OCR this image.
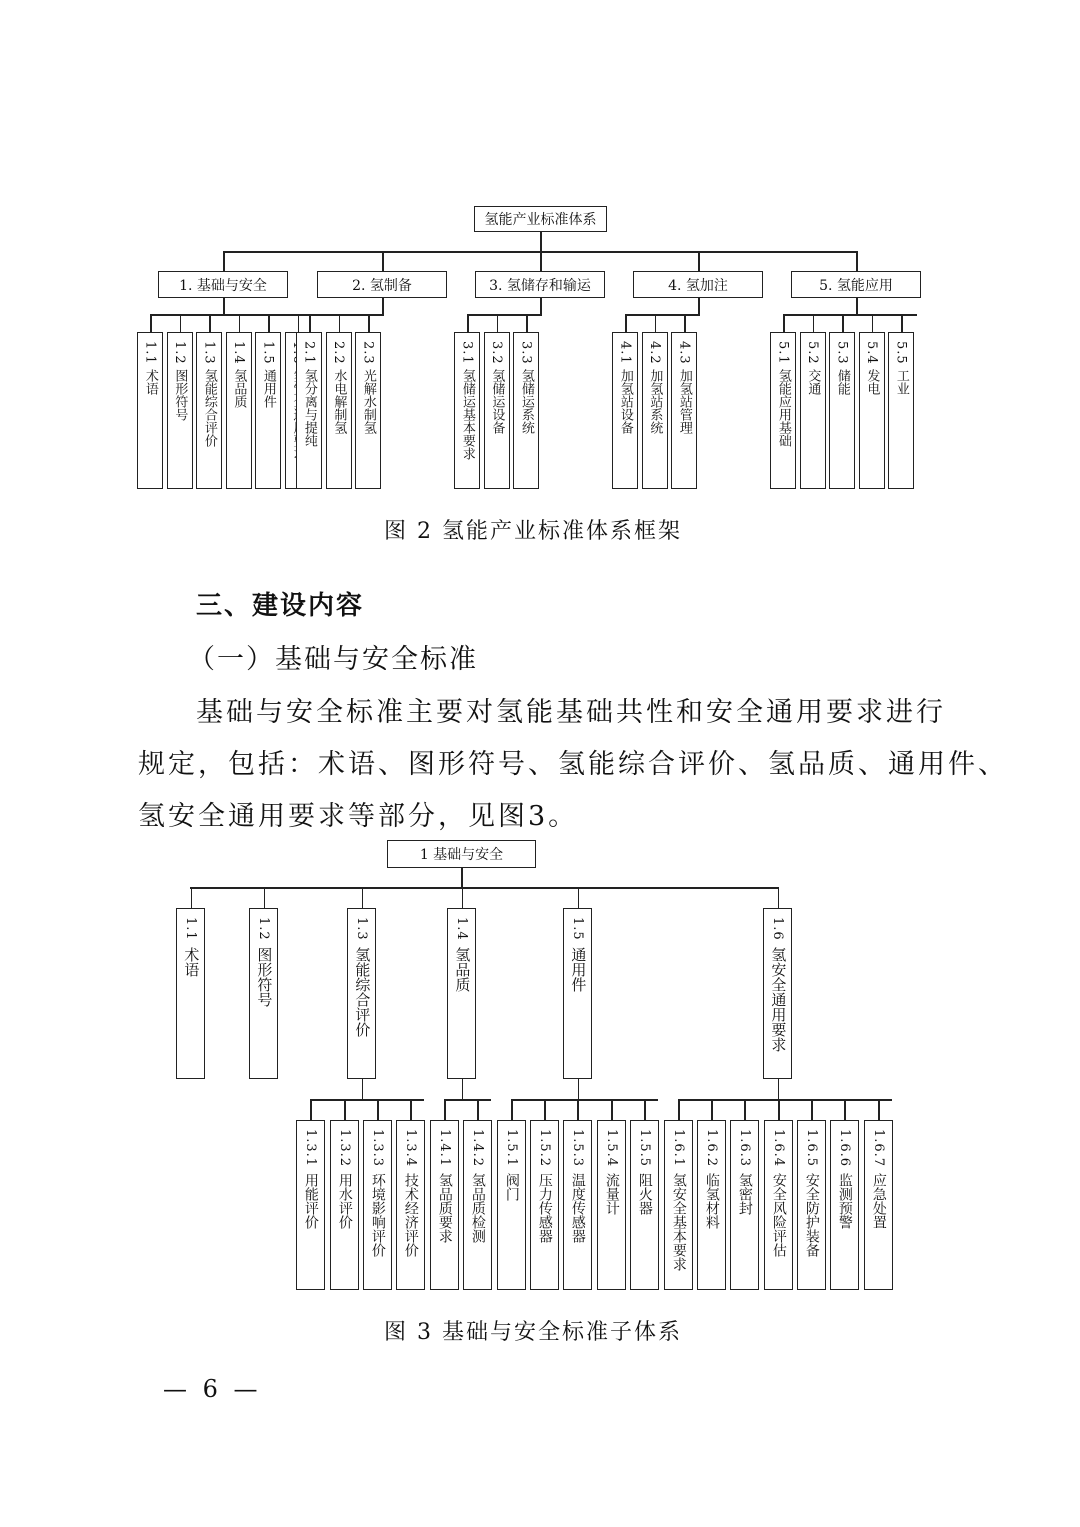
氢能产业标准体系
1. 基础与安全
1.1
术语
1.2
图形符号
1.3
氢能综合评价
1.4
氢品质
1.5
通用件
2. 氢制备
2.1
氢分离与提纯
2.2
水电解制氢
2.3
光解水制氢
3. 氢储存和输运
3.1
氢储运基本要求
3.2
氢储运设备
3.3
氢储运系统
4. 氢加注
4.1
加氢站设备
4.2
加氢站系统
4.3
加氢站管理
5. 氢能应用
5.1
氢能应用基础
5.2
交通
5.3
储能
5.4
发电
5.5
工业
图 2 氢能产业标准体系框架
三、建设内容
（一）基础与安全标准
基础与安全标准主要对氢能基础共性和安全通用要求进行
规定，包括：术语、图形符号、氢能综合评价、氢品质、通用件、
氢安全通用要求等部分，见图3。
1 基础与安全
1.1
术语
1.2
图形符号
1.3
氢能综合评价
1.4
氢品质
1.5
通用件
1.6
氢安全通用要求
1.3.1
用能评价
1.3.2
用水评价
1.3.3
环境影响评价
1.3.4
技术经济评价
1.4.1
氢品质要求
1.4.2
氢品质检测
1.5.1
阀门
1.5.2
压力传感器
1.5.3
温度传感器
1.5.4
流量计
1.5.5
阻火器
1.6.1
氢安全基本要求
1.6.2
临氢材料
1.6.3
氢密封
1.6.4
安全风险评估
1.6.5
安全防护装备
1.6.6
监测预警
1.6.7
应急处置
图 3 基础与安全标准子体系
— 6 —
